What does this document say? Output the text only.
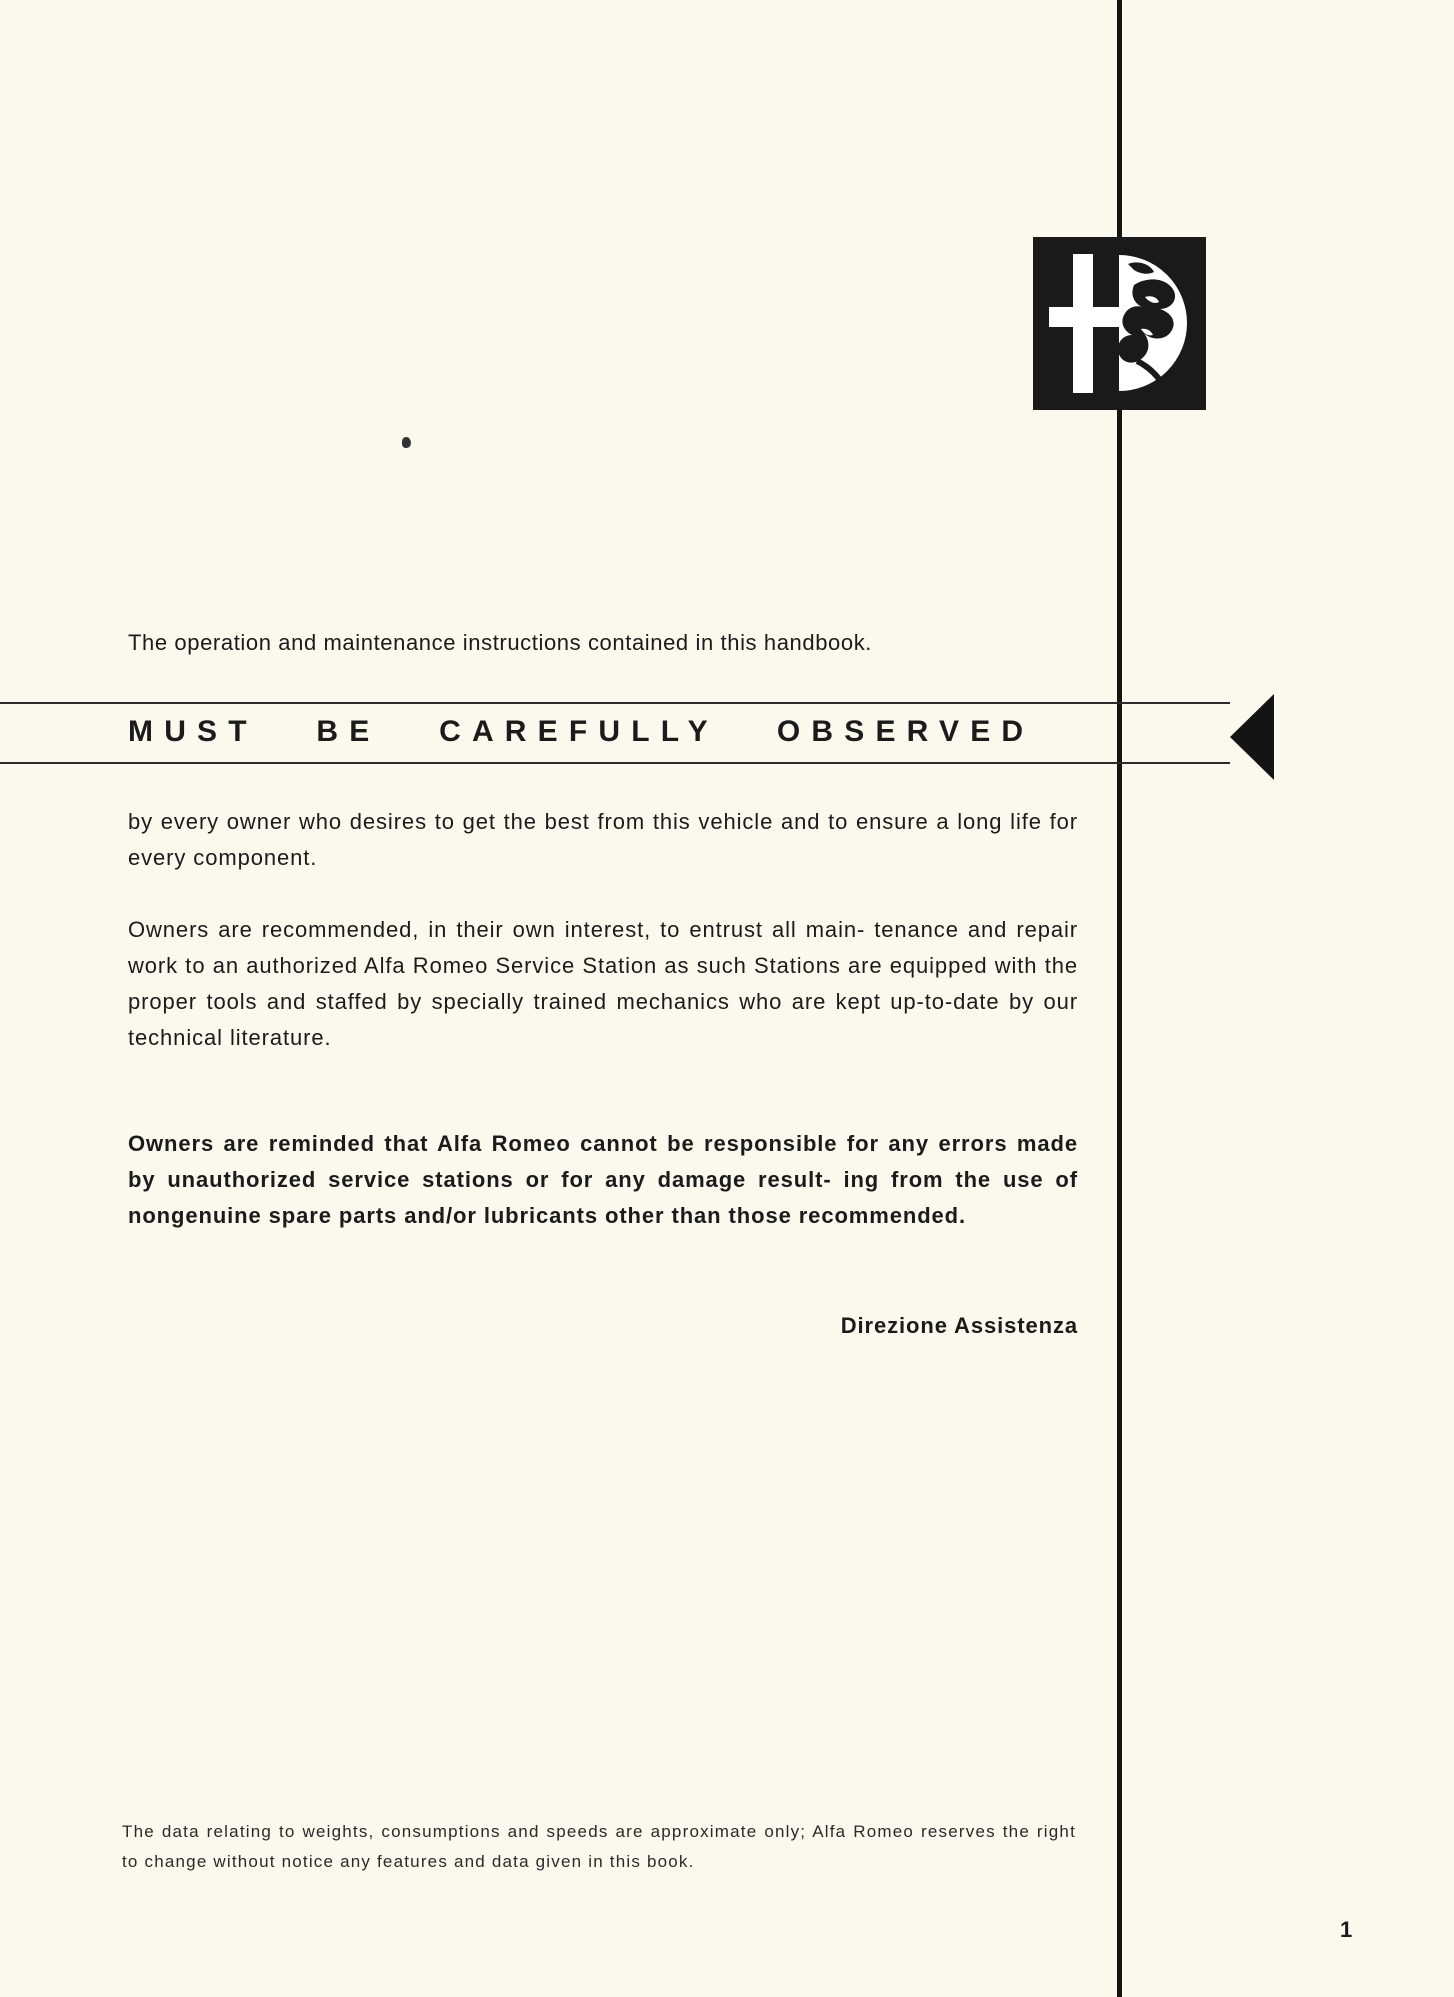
The operation and maintenance instructions contained in this handbook.
MUST   BE   CAREFULLY   OBSERVED

by every owner who desires to get the best from this vehicle and to ensure a long life for every component.

Owners are recommended, in their own interest, to entrust all main- tenance and repair work to an authorized Alfa Romeo Service Station as such Stations are equipped with the proper tools and staffed by specially trained mechanics who are kept up-to-date by our technical literature.

Owners are reminded that Alfa Romeo cannot be responsible for any errors made by unauthorized service stations or for any damage result- ing from the use of nongenuine spare parts and/or lubricants other than those recommended.

Direzione Assistenza

The data relating to weights, consumptions and speeds are approximate only; Alfa Romeo reserves the right to change without notice any features and data given in this book.

1
